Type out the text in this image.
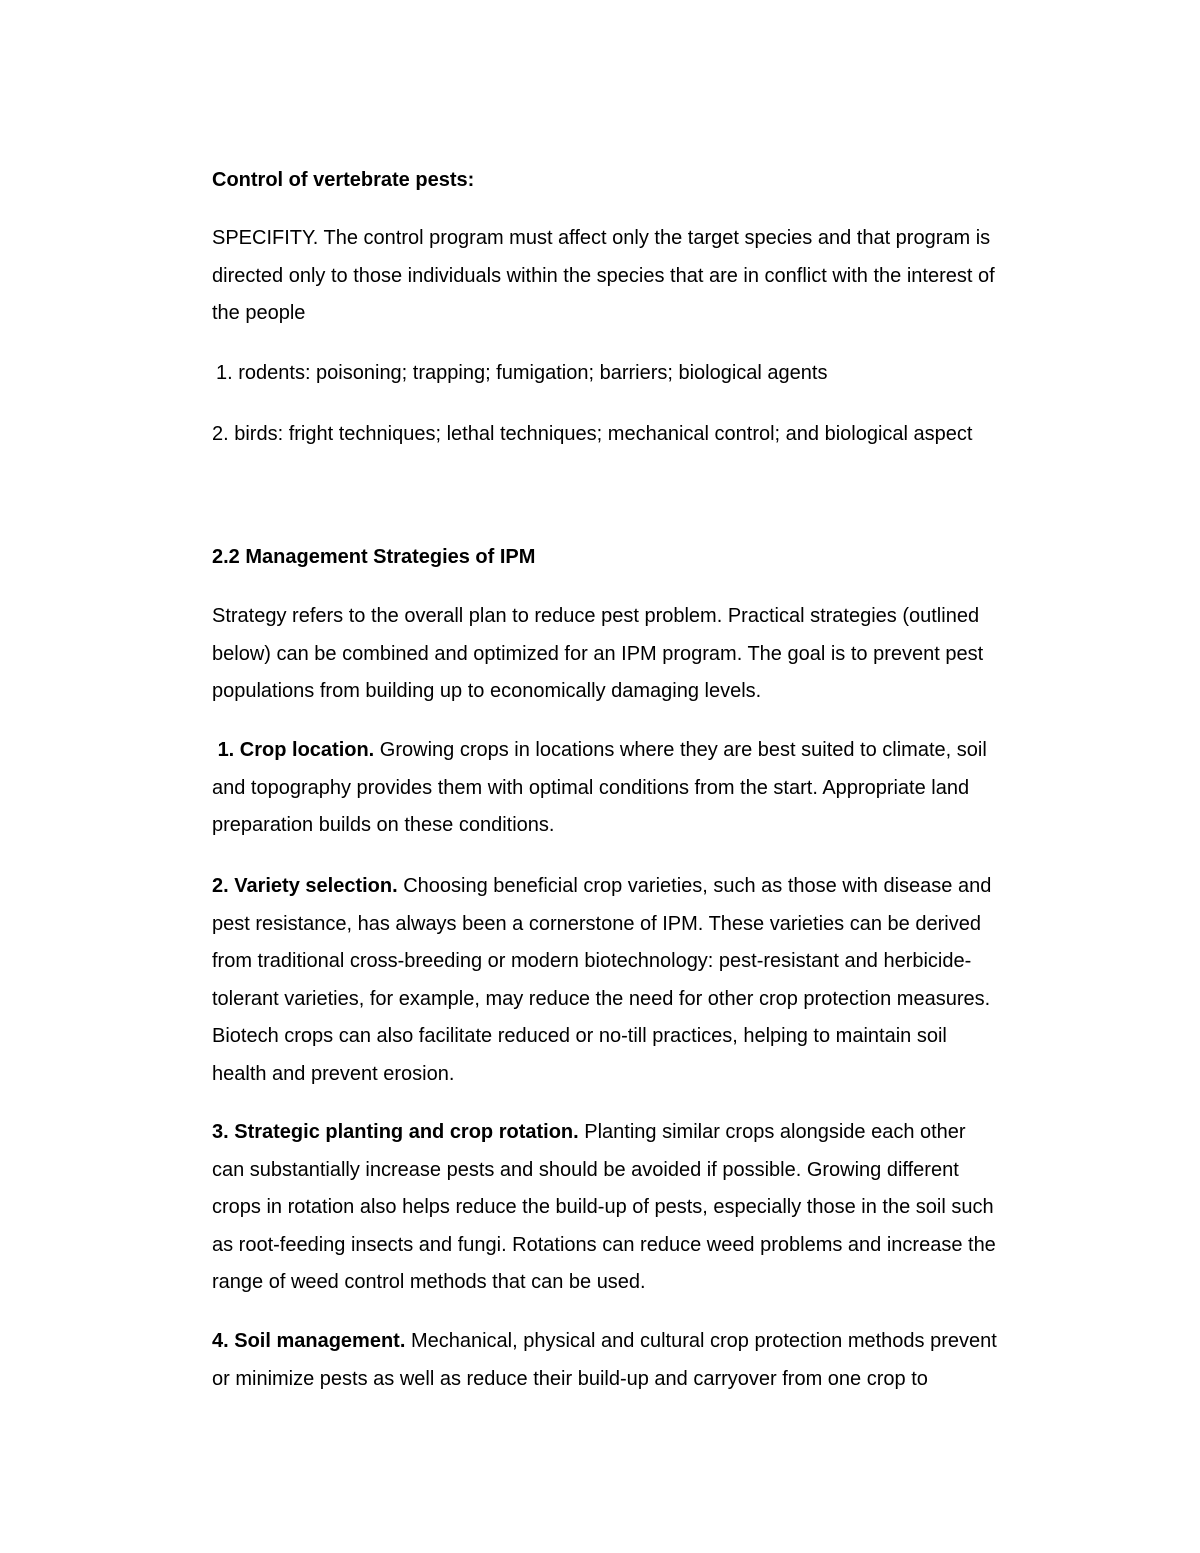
Control of vertebrate pests:

SPECIFITY. The control program must affect only the target species and that program is
directed only to those individuals within the species that are in conflict with the interest of
the people

1. rodents: poisoning; trapping; fumigation; barriers; biological agents

2. birds: fright techniques; lethal techniques; mechanical control; and biological aspect

2.2 Management Strategies of IPM

Strategy refers to the overall plan to reduce pest problem. Practical strategies (outlined
below) can be combined and optimized for an IPM program. The goal is to prevent pest
populations from building up to economically damaging levels.
1. Crop location. Growing crops in locations where they are best suited to climate, soil
and topography provides them with optimal conditions from the start. Appropriate land
preparation builds on these conditions.
2. Variety selection. Choosing beneficial crop varieties, such as those with disease and
pest resistance, has always been a cornerstone of IPM. These varieties can be derived
from traditional cross-breeding or modern biotechnology: pest-resistant and herbicide-
tolerant varieties, for example, may reduce the need for other crop protection measures.
Biotech crops can also facilitate reduced or no-till practices, helping to maintain soil
health and prevent erosion.
3. Strategic planting and crop rotation. Planting similar crops alongside each other
can substantially increase pests and should be avoided if possible. Growing different
crops in rotation also helps reduce the build-up of pests, especially those in the soil such
as root-feeding insects and fungi. Rotations can reduce weed problems and increase the
range of weed control methods that can be used.
4. Soil management. Mechanical, physical and cultural crop protection methods prevent
or minimize pests as well as reduce their build-up and carryover from one crop to
